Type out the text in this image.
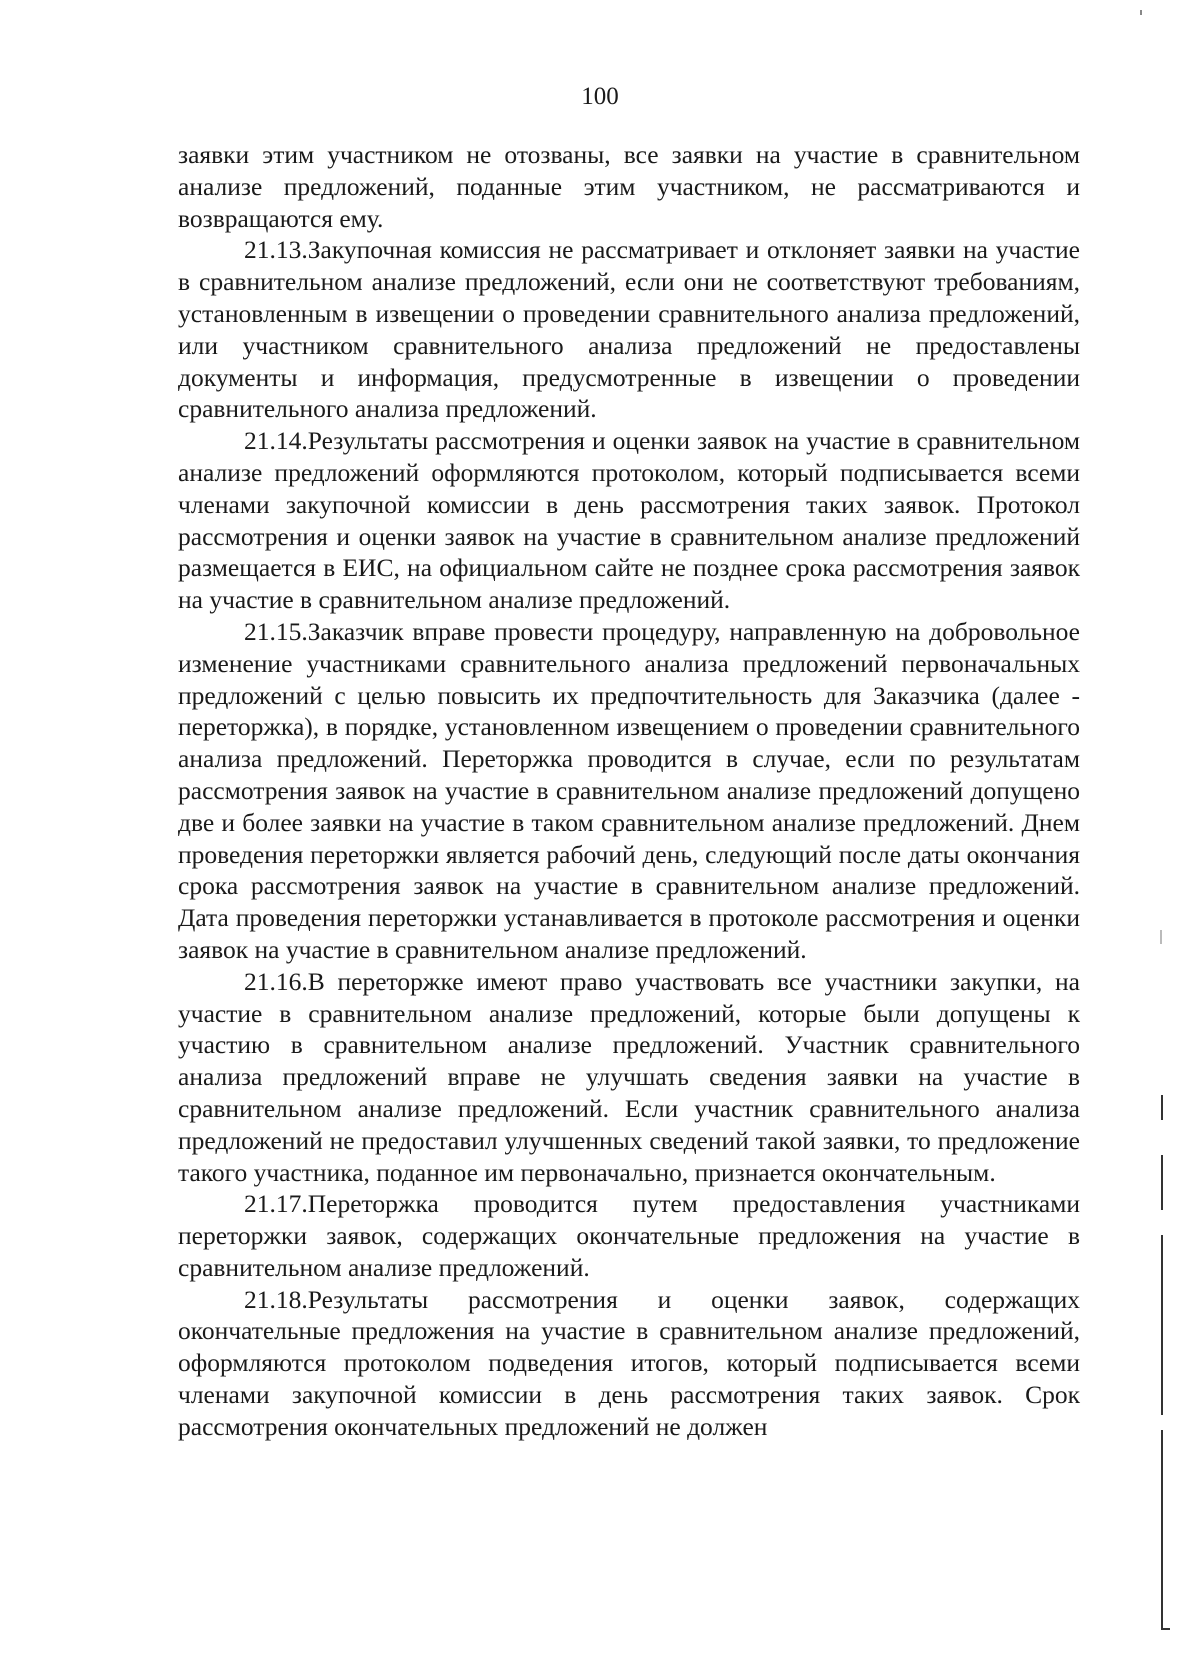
100

заявки этим участником не отозваны, все заявки на участие в сравнительном анализе предложений, поданные этим участником, не рассматриваются и возвращаются ему.

21.13.Закупочная комиссия не рассматривает и отклоняет заявки на участие в сравнительном анализе предложений, если они не соответствуют требованиям, установленным в извещении о проведении сравнительного анализа предложений, или участником сравнительного анализа предложений не предоставлены документы и информация, предусмотренные в извещении о проведении сравнительного анализа предложений.

21.14.Результаты рассмотрения и оценки заявок на участие в сравнительном анализе предложений оформляются протоколом, который подписывается всеми членами закупочной комиссии в день рассмотрения таких заявок. Протокол рассмотрения и оценки заявок на участие в сравнительном анализе предложений размещается в ЕИС, на официальном сайте не позднее срока рассмотрения заявок на участие в сравнительном анализе предложений.

21.15.Заказчик вправе провести процедуру, направленную на добровольное изменение участниками сравнительного анализа предложений первоначальных предложений с целью повысить их предпочтительность для Заказчика (далее - переторжка), в порядке, установленном извещением о проведении сравнительного анализа предложений. Переторжка проводится в случае, если по результатам рассмотрения заявок на участие в сравнительном анализе предложений допущено две и более заявки на участие в таком сравнительном анализе предложений. Днем проведения переторжки является рабочий день, следующий после даты окончания срока рассмотрения заявок на участие в сравнительном анализе предложений. Дата проведения переторжки устанавливается в протоколе рассмотрения и оценки заявок на участие в сравнительном анализе предложений.

21.16.В переторжке имеют право участвовать все участники закупки, на участие в сравнительном анализе предложений, которые были допущены к участию в сравнительном анализе предложений. Участник сравнительного анализа предложений вправе не улучшать сведения заявки на участие в сравнительном анализе предложений. Если участник сравнительного анализа предложений не предоставил улучшенных сведений такой заявки, то предложение такого участника, поданное им первоначально, признается окончательным.

21.17.Переторжка проводится путем предоставления участниками переторжки заявок, содержащих окончательные предложения на участие в сравнительном анализе предложений.

21.18.Результаты рассмотрения и оценки заявок, содержащих окончательные предложения на участие в сравнительном анализе предложений, оформляются протоколом подведения итогов, который подписывается всеми членами закупочной комиссии в день рассмотрения таких заявок. Срок рассмотрения окончательных предложений не должен
